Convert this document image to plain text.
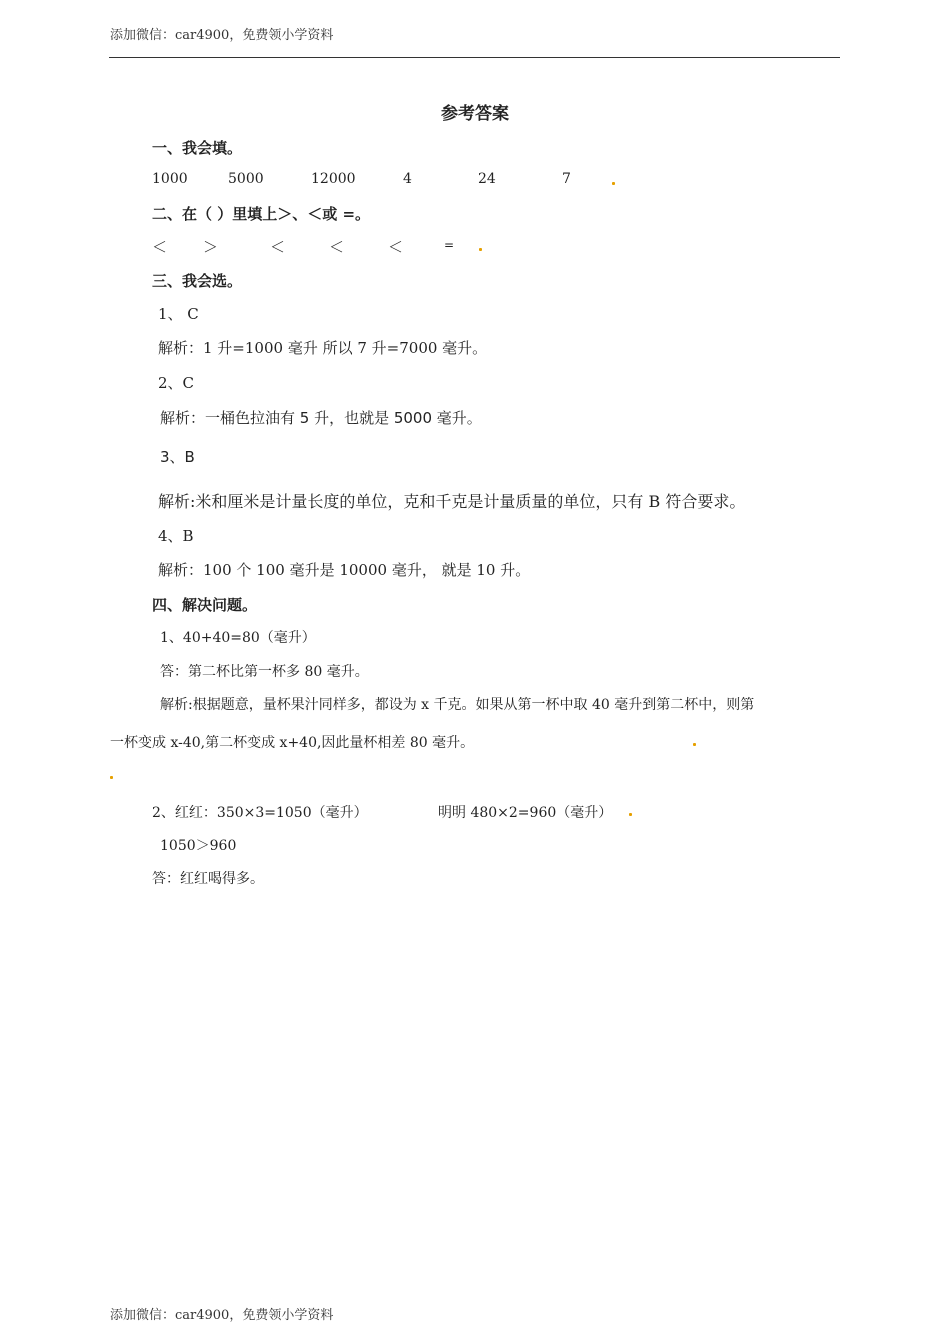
添加微信：car4900，免费领小学资料
参考答案
一、我会填。
1000	5000	12000	4	24	7
二、在（ ）里填上＞、＜或 =。
＜ ＞	＜	＜	＜	=
三、我会选。
1、 C
解析：1 升=1000 毫升 所以 7 升=7000 毫升。
2、C
解析：一桶色拉油有 5 升，也就是 5000 毫升。
3、B
解析:米和厘米是计量长度的单位，克和千克是计量质量的单位，只有 B 符合要求。
4、B
解析：100 个 100 毫升是 10000 毫升， 就是 10 升。
四、解决问题。
1、40+40=80（毫升）
答：第二杯比第一杯多 80 毫升。
解析:根据题意，量杯果汁同样多，都设为 x 千克。如果从第一杯中取 40 毫升到第二杯中，则第
一杯变成 x-40,第二杯变成 x+40,因此量杯相差 80 毫升。
2、红红：350×3=1050（毫升）	明明 480×2=960（毫升）
1050＞960
答：红红喝得多。
添加微信：car4900，免费领小学资料
